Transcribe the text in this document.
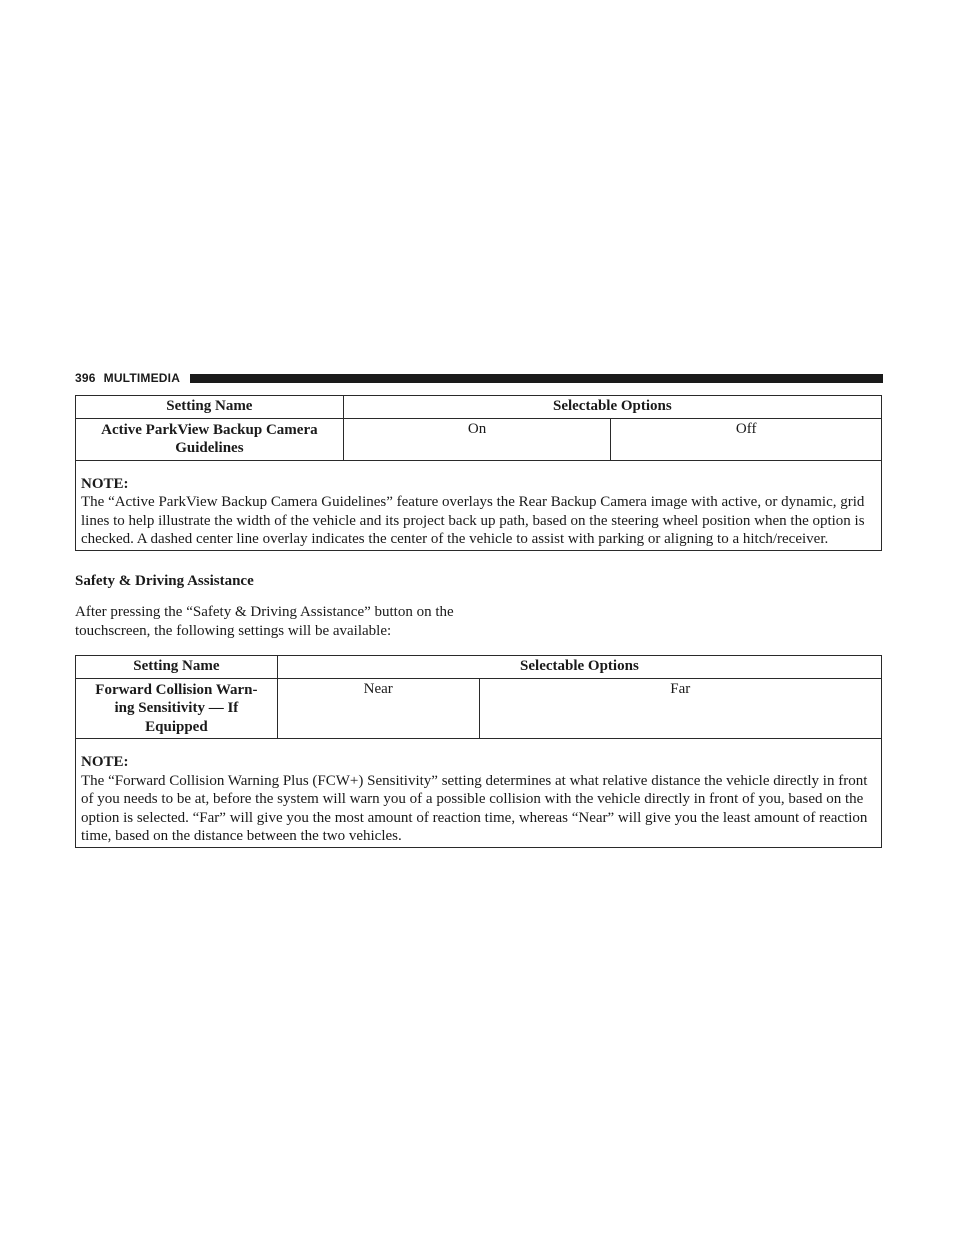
396 MULTIMEDIA
Setting Name	Selectable Options	
Active ParkView Backup Camera Guidelines	On	Off

NOTE:
The “Active ParkView Backup Camera Guidelines” feature overlays the Rear Backup Camera image with active, or dynamic, grid lines to help illustrate the width of the vehicle and its project back up path, based on the steering wheel position when the option is checked. A dashed center line overlay indicates the center of the vehicle to assist with parking or aligning to a hitch/receiver.		
Safety & Driving Assistance
After pressing the “Safety & Driving Assistance” button on the touchscreen, the following settings will be available:
Setting Name	Selectable Options	
Forward Collision Warn- ing Sensitivity — If Equipped	Near	Far

NOTE:
The “Forward Collision Warning Plus (FCW+) Sensitivity” setting determines at what relative distance the vehicle directly in front of you needs to be at, before the system will warn you of a possible collision with the vehicle directly in front of you, based on the option is selected. “Far” will give you the most amount of reaction time, whereas “Near” will give you the least amount of reaction time, based on the distance between the two vehicles.		
